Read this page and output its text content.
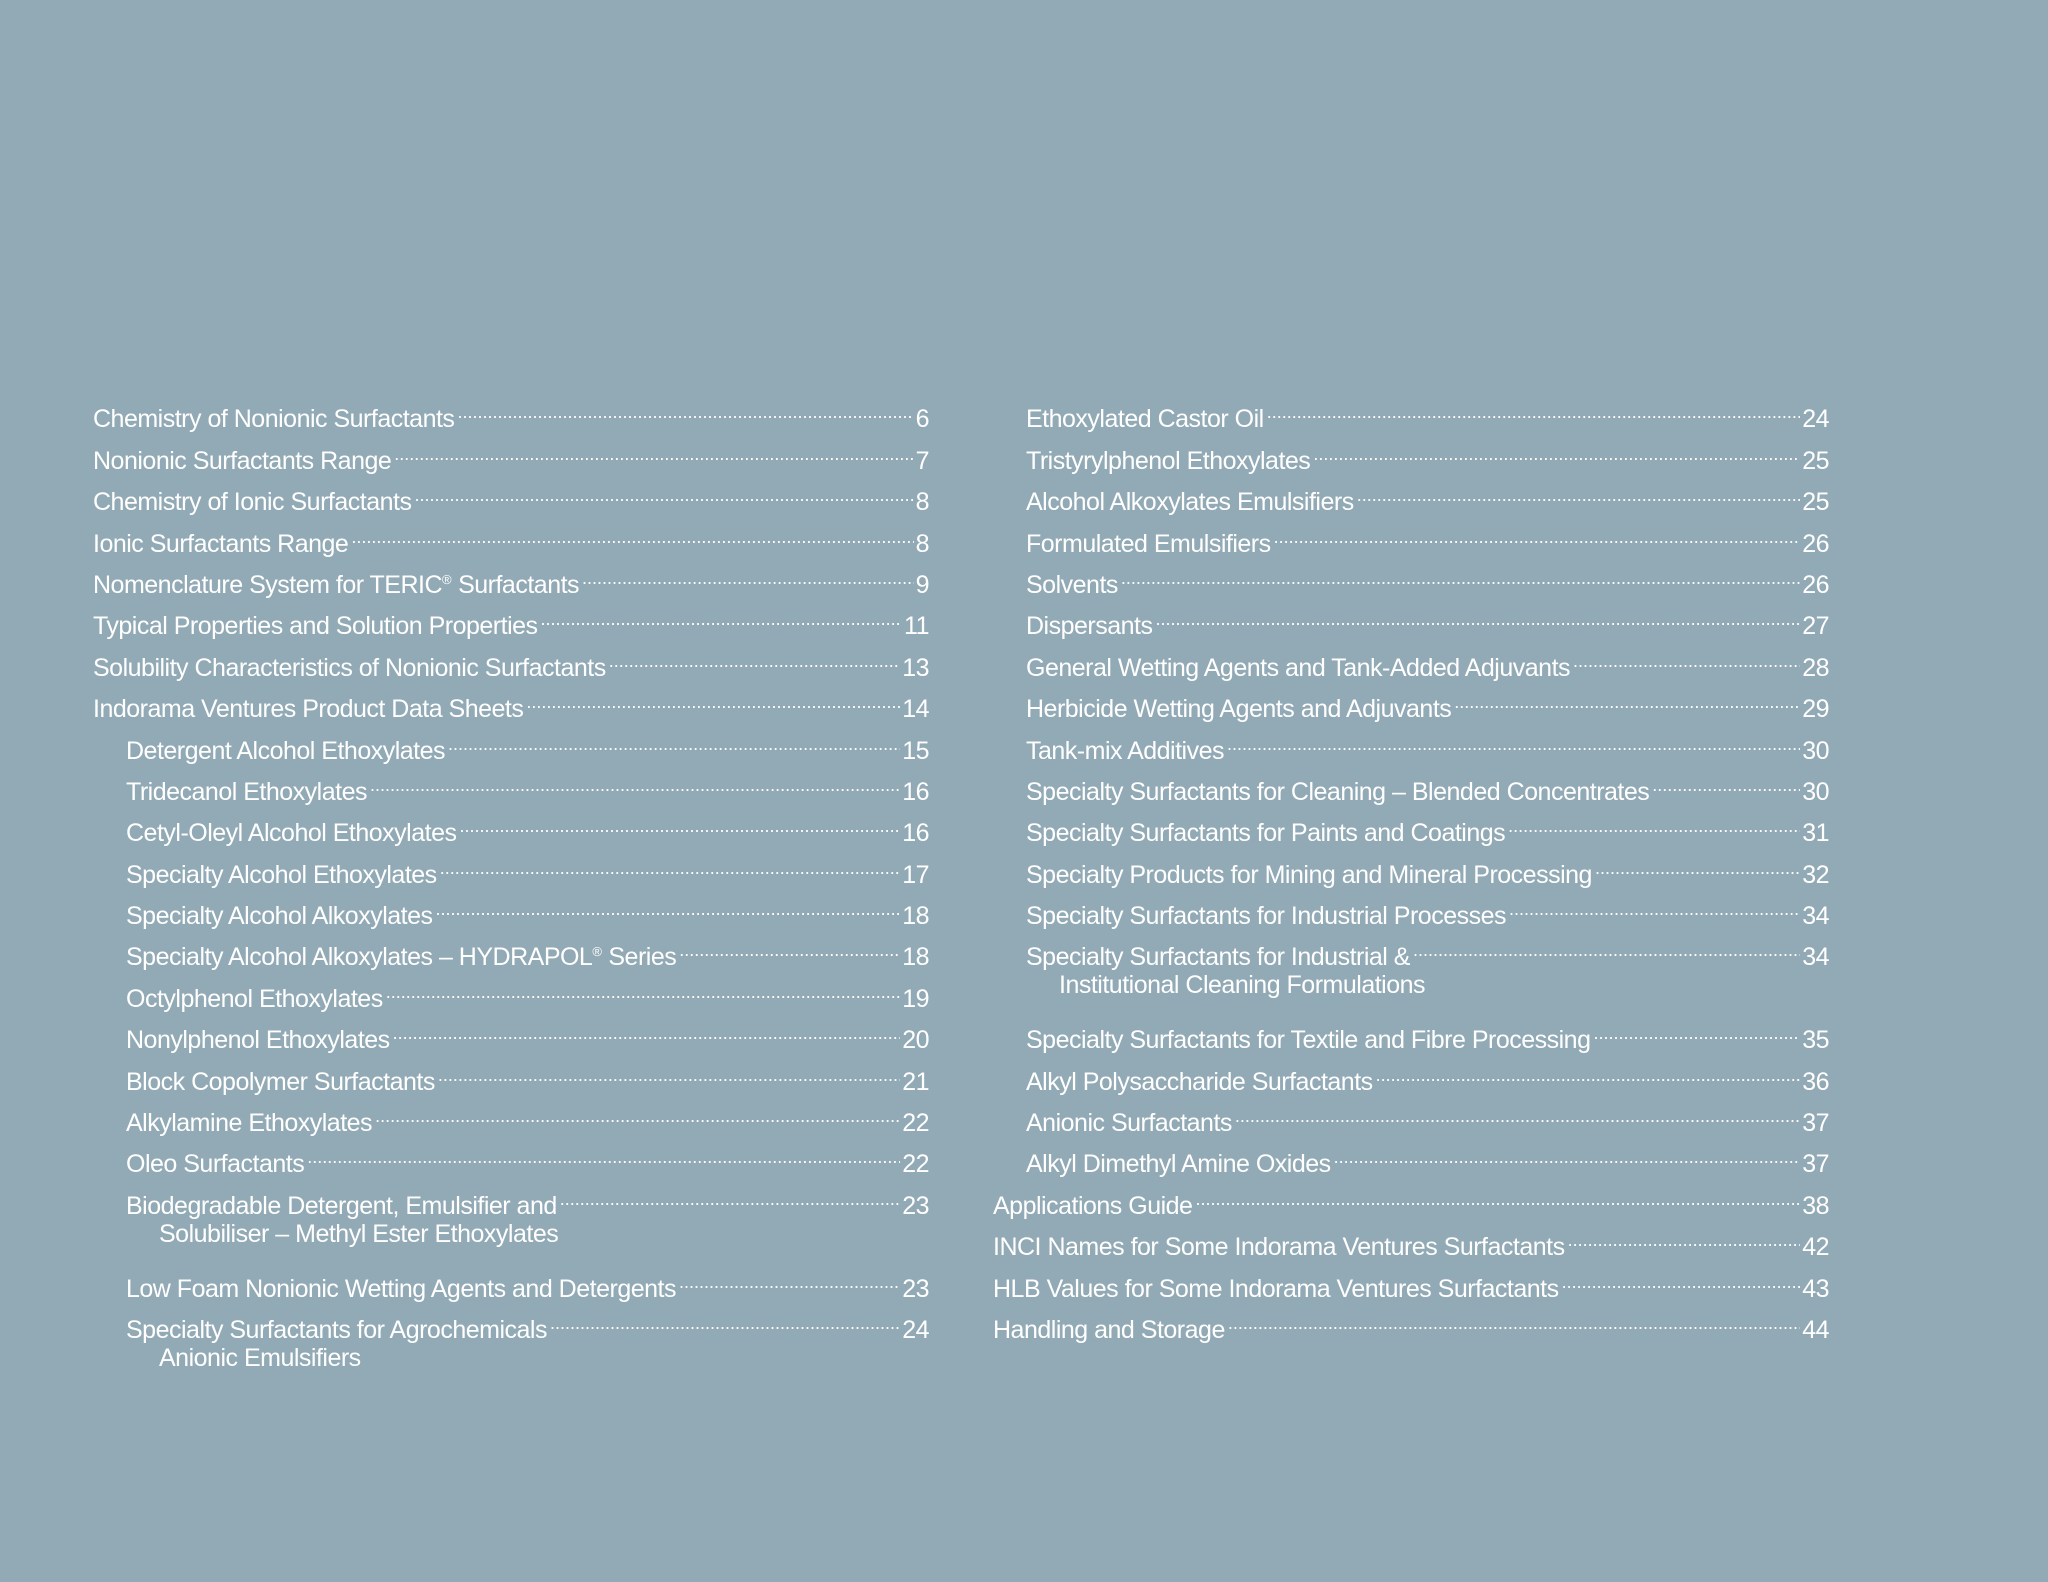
Chemistry of Nonionic Surfactants .....	6
Nonionic Surfactants Range .....	7
Chemistry of Ionic Surfactants .....	8
Ionic Surfactants Range .....	8
Nomenclature System for TERIC® Surfactants .....	9
Typical Properties and Solution Properties .....	11
Solubility Characteristics of Nonionic Surfactants .....	13
Indorama Ventures Product Data Sheets .....	14
Detergent Alcohol Ethoxylates .....	15
Tridecanol Ethoxylates .....	16
Cetyl-Oleyl Alcohol Ethoxylates .....	16
Specialty Alcohol Ethoxylates .....	17
Specialty Alcohol Alkoxylates .....	18
Specialty Alcohol Alkoxylates – HYDRAPOL® Series .....	18
Octylphenol Ethoxylates .....	19
Nonylphenol Ethoxylates .....	20
Block Copolymer Surfactants .....	21
Alkylamine Ethoxylates .....	22
Oleo Surfactants .....	22
Biodegradable Detergent, Emulsifier and .....	23
Solubiliser – Methyl Ester Ethoxylates
Low Foam Nonionic Wetting Agents and Detergents .....	23
Specialty Surfactants for Agrochemicals .....	24
Anionic Emulsifiers
Ethoxylated Castor Oil .....	24
Tristyrylphenol Ethoxylates .....	25
Alcohol Alkoxylates Emulsifiers .....	25
Formulated Emulsifiers .....	26
Solvents .....	26
Dispersants .....	27
General Wetting Agents and Tank-Added Adjuvants .....	28
Herbicide Wetting Agents and Adjuvants .....	29
Tank-mix Additives .....	30
Specialty Surfactants for Cleaning – Blended Concentrates .....	30
Specialty Surfactants for Paints and Coatings .....	31
Specialty Products for Mining and Mineral Processing .....	32
Specialty Surfactants for Industrial Processes .....	34
Specialty Surfactants for Industrial & .....	34
Institutional Cleaning Formulations
Specialty Surfactants for Textile and Fibre Processing .....	35
Alkyl Polysaccharide Surfactants .....	36
Anionic Surfactants .....	37
Alkyl Dimethyl Amine Oxides .....	37
Applications Guide .....	38
INCI Names for Some Indorama Ventures Surfactants .....	42
HLB Values for Some Indorama Ventures Surfactants .....	43
Handling and Storage .....	44
